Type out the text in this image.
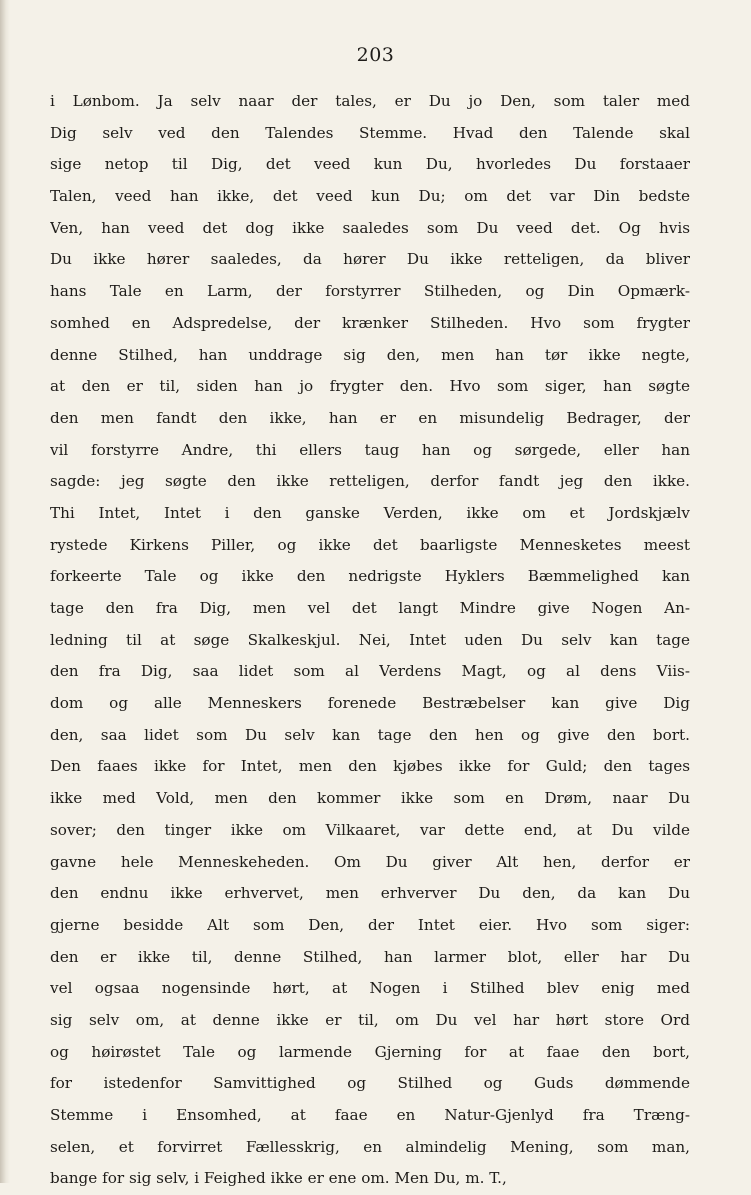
203
i Lønbom. Ja selv naar der tales, er Du jo Den, som taler med
Dig selv ved den Talendes Stemme. Hvad den Talende skal
sige netop til Dig, det veed kun Du, hvorledes Du forstaaer
Talen, veed han ikke, det veed kun Du; om det var Din bedste
Ven, han veed det dog ikke saaledes som Du veed det. Og hvis
Du ikke hører saaledes, da hører Du ikke retteligen, da bliver
hans Tale en Larm, der forstyrrer Stilheden, og Din Opmærk-
somhed en Adspredelse, der krænker Stilheden. Hvo som frygter
denne Stilhed, han unddrage sig den, men han tør ikke negte,
at den er til, siden han jo frygter den. Hvo som siger, han søgte
den men fandt den ikke, han er en misundelig Bedrager, der
vil forstyrre Andre, thi ellers taug han og sørgede, eller han
sagde: jeg søgte den ikke retteligen, derfor fandt jeg den ikke.
Thi Intet, Intet i den ganske Verden, ikke om et Jordskjælv
rystede Kirkens Piller, og ikke det baarligste Mennesketes meest
forkeerte Tale og ikke den nedrigste Hyklers Bæmmelighed kan
tage den fra Dig, men vel det langt Mindre give Nogen An-
ledning til at søge Skalkeskjul. Nei, Intet uden Du selv kan tage
den fra Dig, saa lidet som al Verdens Magt, og al dens Viis-
dom og alle Menneskers forenede Bestræbelser kan give Dig
den, saa lidet som Du selv kan tage den hen og give den bort.
Den faaes ikke for Intet, men den kjøbes ikke for Guld; den tages
ikke med Vold, men den kommer ikke som en Drøm, naar Du
sover; den tinger ikke om Vilkaaret, var dette end, at Du vilde
gavne hele Menneskeheden. Om Du giver Alt hen, derfor er
den endnu ikke erhvervet, men erhverver Du den, da kan Du
gjerne besidde Alt som Den, der Intet eier. Hvo som siger:
den er ikke til, denne Stilhed, han larmer blot, eller har Du
vel ogsaa nogensinde hørt, at Nogen i Stilhed blev enig med
sig selv om, at denne ikke er til, om Du vel har hørt store Ord
og høirøstet Tale og larmende Gjerning for at faae den bort,
for istedenfor Samvittighed og Stilhed og Guds dømmende
Stemme i Ensomhed, at faae en Natur-Gjenlyd fra Træng-
selen, et forvirret Fællesskrig, en almindelig Mening, som man,
bange for sig selv, i Feighed ikke er ene om. Men Du, m. T.,
